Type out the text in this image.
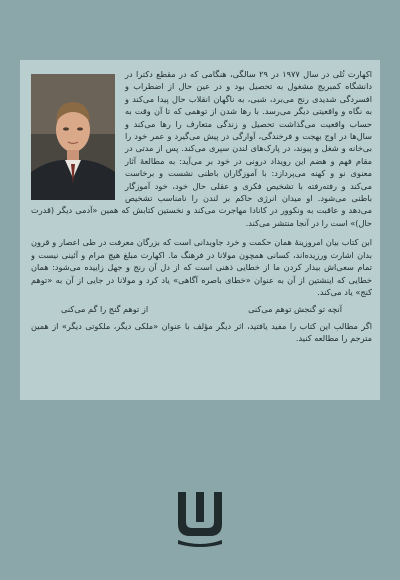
اکهارت تُلی در سال ۱۹۷۷ در ۲۹ سالگی، هنگامی که در مقطع دکترا در دانشگاه کمبریج مشغول به تحصیل بود و در عین حال از اضطراب و افسردگی شدیدی رنج می‌برد، شبی، به ناگهان انقلاب حال پیدا می‌کند و به نگاه و واقعیتی دیگر می‌رسد. با رها شدن از توهمی که تا آن وقت به حساب واقعیت می‌گذاشت تحصیل و زندگی متعارف را رها می‌کند و سال‌ها در اوج بهجت و فرخندگی، آوارگی در پیش می‌گیرد و عمر خود را بی‌خانه و شغل و پیوند، در پارک‌های لندن سپری می‌کند. پس از مدتی در مقام فهم و هضم این رویداد درونی در خود بر می‌آید: به مطالعهٔ آثار معنوی نو و کهنه می‌پردازد: با آموزگاران باطنی نشست و برخاست می‌کند و رفته‌رفته با تشخیص فکری و عقلی حال خود، خود آموزگار باطنی می‌شود. او میدان انرژی حاکم بر لندن را نامناسب تشخیص می‌دهد و عاقبت به ونکوور در کانادا مهاجرت می‌کند و نخستین کتابش که همین «آدمی دیگر (قدرت حال)» است را در آنجا منتشر می‌کند.

این کتاب بیان امروزینهٔ همان حکمت و خرد جاویدانی است که بزرگان معرفت در طی اعصار و قرون بدان اشارت ورزیده‌اند، کسانی همچون مولانا در فرهنگ ما. اکهارت مبلغ هیچ مرام و آئینی نیست و تمام سعی‌اش بیدار کردن ما از خطایی ذهنی است که از دل آن رنج و جهل زاییده می‌شود: همان خطایی که اینشتین از آن به عنوان «خطای باصره آگاهی» یاد کرد و مولانا در جایی از آن به «توهم کنج» یاد می‌کند.

آنچه تو گنجش توهم می‌کنی
از توهم گنج را گم می‌کنی

اگر مطالب این کتاب را مفید یافتید، اثر دیگر مؤلف با عنوان «ملکی دیگر، ملکوتی دیگر» از همین مترجم را مطالعه کنید.
